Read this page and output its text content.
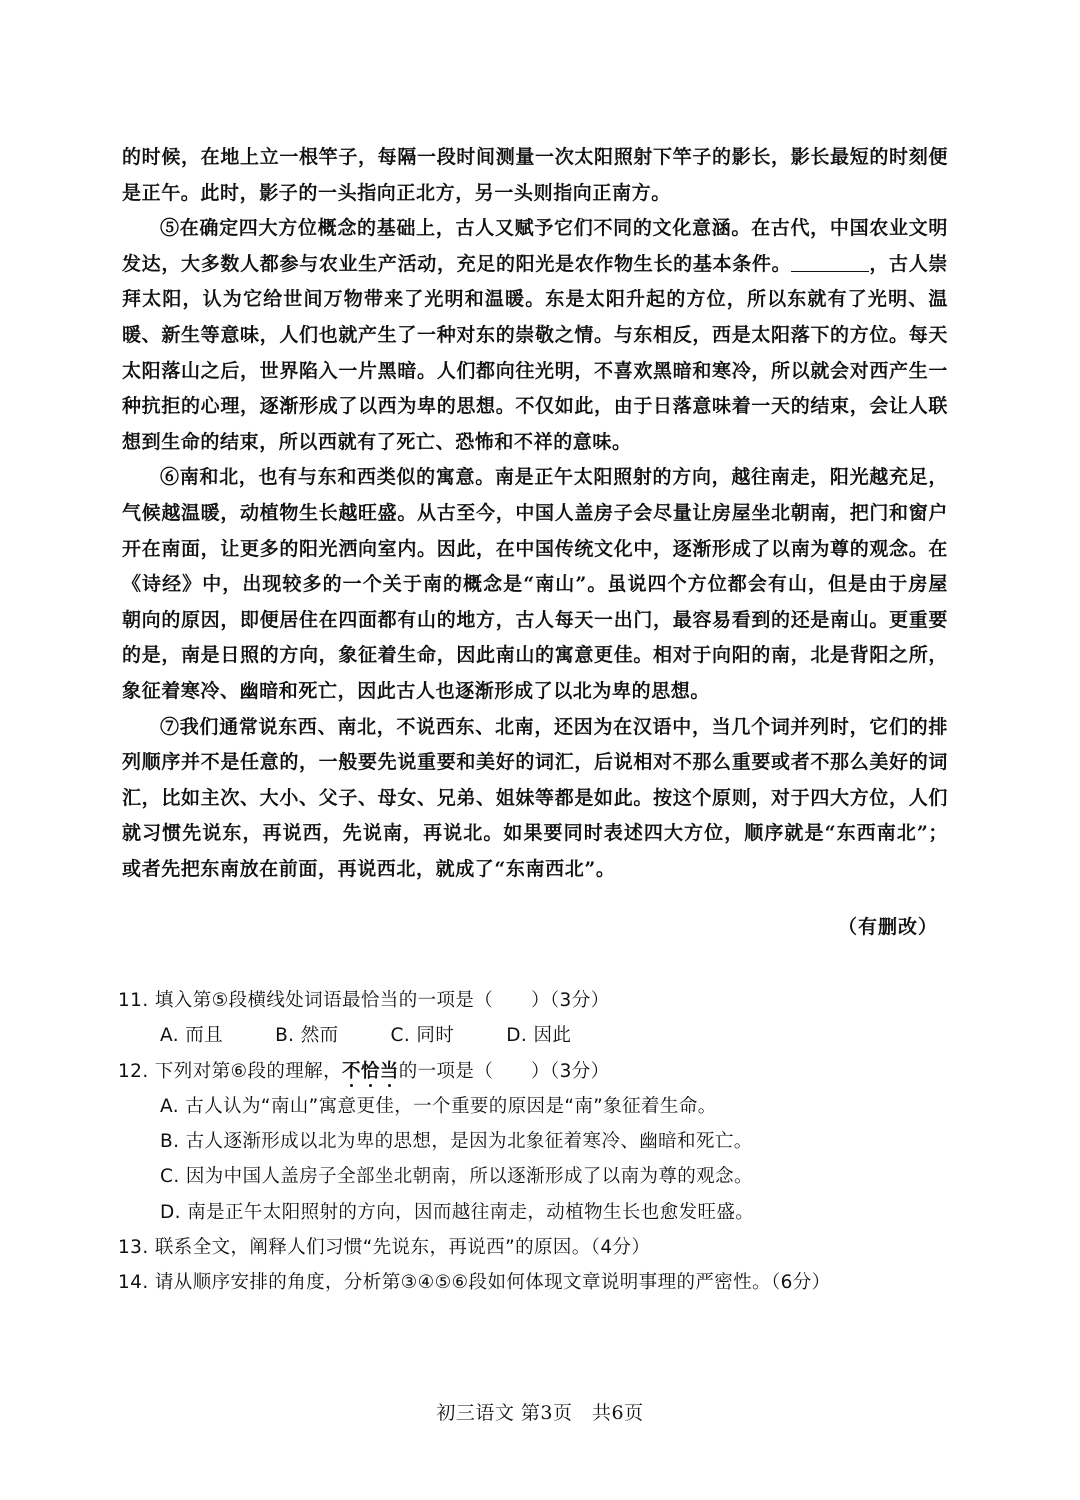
的时候，在地上立一根竿子，每隔一段时间测量一次太阳照射下竿子的影长，影长最短的时刻便是正午。此时，影子的一头指向正北方，另一头则指向正南方。

⑤在确定四大方位概念的基础上，古人又赋予它们不同的文化意涵。在古代，中国农业文明发达，大多数人都参与农业生产活动，充足的阳光是农作物生长的基本条件。	，古人崇拜太阳，认为它给世间万物带来了光明和温暖。东是太阳升起的方位，所以东就有了光明、温暖、新生等意味，人们也就产生了一种对东的崇敬之情。与东相反，西是太阳落下的方位。每天太阳落山之后，世界陷入一片黑暗。人们都向往光明，不喜欢黑暗和寒冷，所以就会对西产生一种抗拒的心理，逐渐形成了以西为卑的思想。不仅如此，由于日落意味着一天的结束，会让人联想到生命的结束，所以西就有了死亡、恐怖和不祥的意味。

⑥南和北，也有与东和西类似的寓意。南是正午太阳照射的方向，越往南走，阳光越充足，气候越温暖，动植物生长越旺盛。从古至今，中国人盖房子会尽量让房屋坐北朝南，把门和窗户开在南面，让更多的阳光洒向室内。因此，在中国传统文化中，逐渐形成了以南为尊的观念。在《诗经》中，出现较多的一个关于南的概念是“南山”。虽说四个方位都会有山，但是由于房屋朝向的原因，即便居住在四面都有山的地方，古人每天一出门，最容易看到的还是南山。更重要的是，南是日照的方向，象征着生命，因此南山的寓意更佳。相对于向阳的南，北是背阳之所，象征着寒冷、幽暗和死亡，因此古人也逐渐形成了以北为卑的思想。

⑦我们通常说东西、南北，不说西东、北南，还因为在汉语中，当几个词并列时，它们的排列顺序并不是任意的，一般要先说重要和美好的词汇，后说相对不那么重要或者不那么美好的词汇，比如主次、大小、父子、母女、兄弟、姐妹等都是如此。按这个原则，对于四大方位，人们就习惯先说东，再说西，先说南，再说北。如果要同时表述四大方位，顺序就是“东西南北”；或者先把东南放在前面，再说西北，就成了“东南西北”。

（有删改）

11. 填入第⑤段横线处词语最恰当的一项是（　　）（3分）

A. 而且	B. 然而	C. 同时	D. 因此

12. 下列对第⑥段的理解，不恰当的一项是（　　）（3分）

A. 古人认为“南山”寓意更佳，一个重要的原因是“南”象征着生命。

B. 古人逐渐形成以北为卑的思想，是因为北象征着寒冷、幽暗和死亡。

C. 因为中国人盖房子全部坐北朝南，所以逐渐形成了以南为尊的观念。

D. 南是正午太阳照射的方向，因而越往南走，动植物生长也愈发旺盛。

13. 联系全文，阐释人们习惯“先说东，再说西”的原因。（4分）

14. 请从顺序安排的角度，分析第③④⑤⑥段如何体现文章说明事理的严密性。（6分）

初三语文 第3页　共6页
